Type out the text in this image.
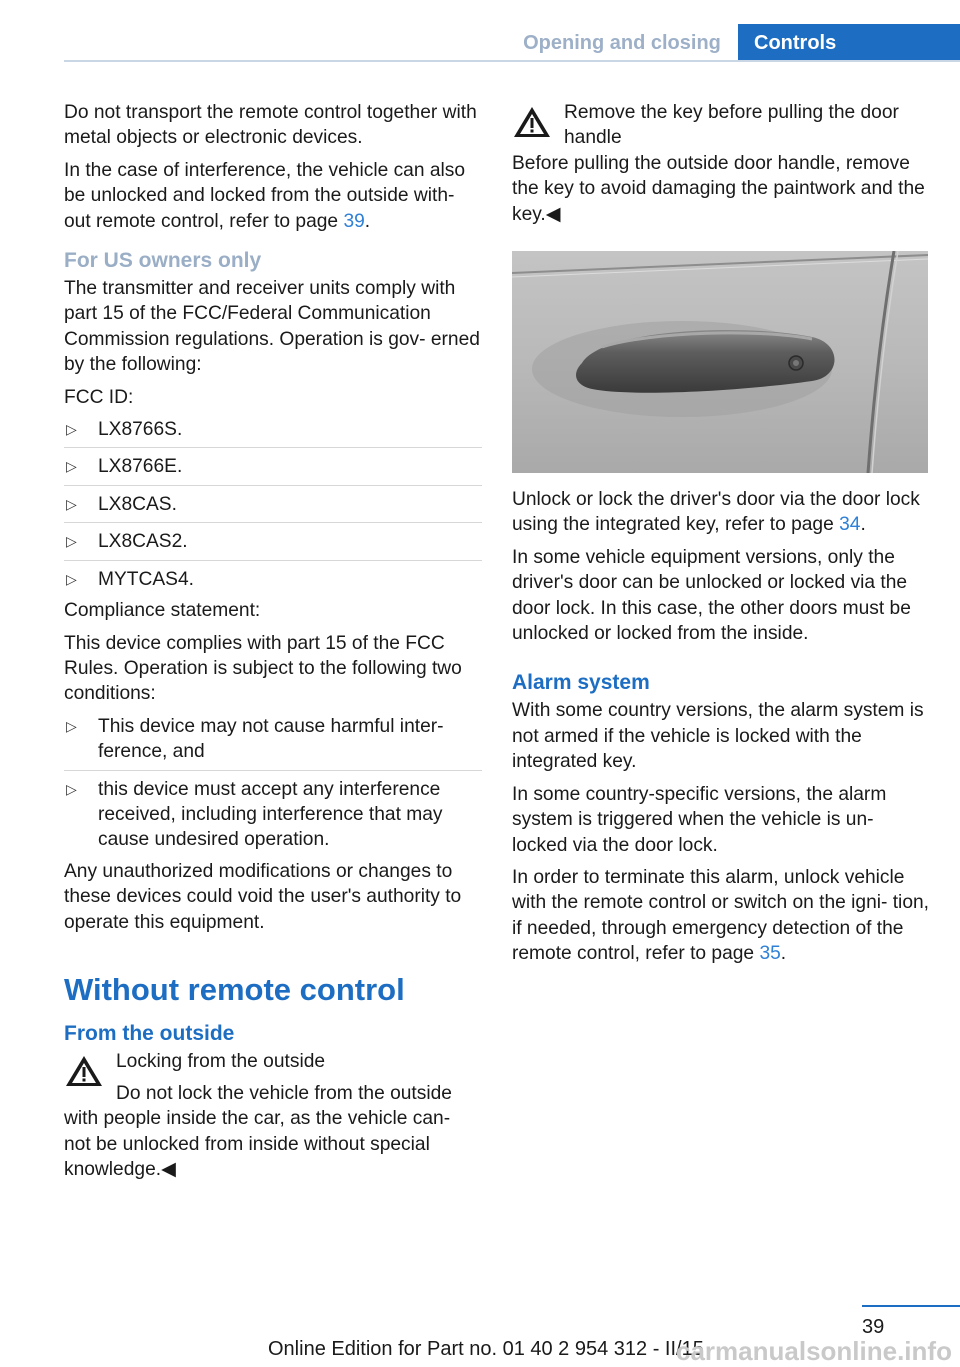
Opening and closing	Controls

Do not transport the remote control together with metal objects or electronic devices.

In the case of interference, the vehicle can also be unlocked and locked from the outside with‐ out remote control, refer to page 39.

For US owners only

The transmitter and receiver units comply with part 15 of the FCC/Federal Communication Commission regulations. Operation is gov‐ erned by the following:

FCC ID:

▷ LX8766S.
▷ LX8766E.
▷ LX8CAS.
▷ LX8CAS2.
▷ MYTCAS4.

Compliance statement:

This device complies with part 15 of the FCC Rules. Operation is subject to the following two conditions:

▷ This device may not cause harmful inter‐ ference, and
▷ this device must accept any interference received, including interference that may cause undesired operation.

Any unauthorized modifications or changes to these devices could void the user's authority to operate this equipment.

Without remote control
From the outside
Locking from the outside

Do not lock the vehicle from the outside with people inside the car, as the vehicle can‐ not be unlocked from inside without special knowledge.◀

Remove the key before pulling the door handle

Before pulling the outside door handle, remove the key to avoid damaging the paintwork and the key.◀

Unlock or lock the driver's door via the door lock using the integrated key, refer to page 34.

In some vehicle equipment versions, only the driver's door can be unlocked or locked via the door lock. In this case, the other doors must be unlocked or locked from the inside.

Alarm system

With some country versions, the alarm system is not armed if the vehicle is locked with the integrated key.

In some country-specific versions, the alarm system is triggered when the vehicle is un‐ locked via the door lock.

In order to terminate this alarm, unlock vehicle with the remote control or switch on the igni‐ tion, if needed, through emergency detection of the remote control, refer to page 35.

39
Online Edition for Part no. 01 40 2 954 312 - II/15
carmanualsonline.info
